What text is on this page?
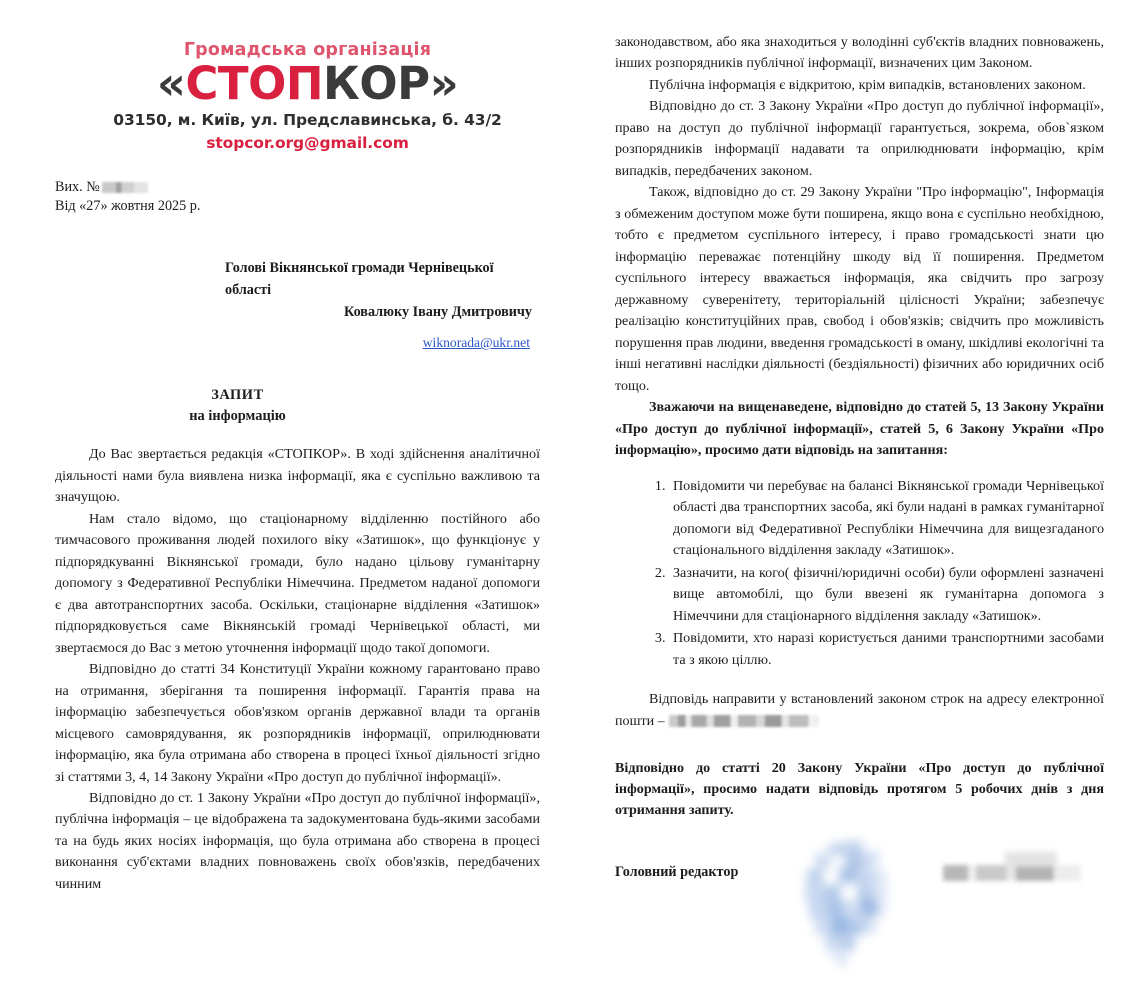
Громадська організація
«СТОПКОР»
03150, м. Київ, ул. Предславинська, б. 43/2
stopcor.org@gmail.com
Вих. №
Від «27» жовтня 2025 р.
Голові Вікнянської громади Чернівецької області
Ковалюку Івану Дмитровичу
wiknorada@ukr.net
ЗАПИТ
на інформацію

До Вас звертається редакція «СТОПКОР». В ході здійснення аналітичної діяльності нами була виявлена низка інформації, яка є суспільно важливою та значущою.

Нам стало відомо, що стаціонарному відділенню постійного або тимчасового проживання людей похилого віку «Затишок», що функціонує у підпорядкуванні Вікнянської громади, було надано цільову гуманітарну допомогу з Федеративної Республіки Німеччина. Предметом наданої допомоги є два автотранспортних засоба. Оскільки, стаціонарне відділення «Затишок» підпорядковується саме Вікнянській громаді Чернівецької області, ми звертаємося до Вас з метою уточнення інформації щодо такої допомоги.

Відповідно до статті 34 Конституції України кожному гарантовано право на отримання, зберігання та поширення інформації. Гарантія права на інформацію забезпечується обов'язком органів державної влади та органів місцевого самоврядування, як розпорядників інформації, оприлюднювати інформацію, яка була отримана або створена в процесі їхньої діяльності згідно зі статтями 3, 4, 14 Закону України «Про доступ до публічної інформації».

Відповідно до ст. 1 Закону України «Про доступ до публічної інформації», публічна інформація – це відображена та задокументована будь-якими засобами та на будь яких носіях інформація, що була отримана або створена в процесі виконання суб'єктами владних повноважень своїх обов'язків, передбачених чинним

законодавством, або яка знаходиться у володінні суб'єктів владних повноважень, інших розпорядників публічної інформації, визначених цим Законом.

Публічна інформація є відкритою, крім випадків, встановлених законом.

Відповідно до ст. 3 Закону України «Про доступ до публічної інформації», право на доступ до публічної інформації гарантується, зокрема, обов`язком розпорядників інформації надавати та оприлюднювати інформацію, крім випадків, передбачених законом.

Також, відповідно до ст. 29 Закону України "Про інформацію", Інформація з обмеженим доступом може бути поширена, якщо вона є суспільно необхідною, тобто є предметом суспільного інтересу, і право громадськості знати цю інформацію переважає потенційну шкоду від її поширення. Предметом суспільного інтересу вважається інформація, яка свідчить про загрозу державному суверенітету, територіальній цілісності України; забезпечує реалізацію конституційних прав, свобод і обов'язків; свідчить про можливість порушення прав людини, введення громадськості в оману, шкідливі екологічні та інші негативні наслідки діяльності (бездіяльності) фізичних або юридичних осіб тощо.

Зважаючи на вищенаведене, відповідно до статей 5, 13 Закону України «Про доступ до публічної інформації», статей 5, 6 Закону України «Про інформацію», просимо дати відповідь на запитання:

1. Повідомити чи перебуває на балансі Вікнянської громади Чернівецької області два транспортних засоба, які були надані в рамках гуманітарної допомоги від Федеративної Республіки Німеччина для вищезгаданого стаціонального відділення закладу «Затишок».
2. Зазначити, на кого( фізичні/юридичні особи) були оформлені зазначені вище автомобілі, що були ввезені як гуманітарна допомога з Німеччини для стаціонарного відділення закладу «Затишок».
3. Повідомити, хто наразі користується даними транспортними засобами та з якою ціллю.

Відповідь направити у встановлений законом строк на адресу електронної пошти –

Відповідно до статті 20 Закону України «Про доступ до публічної інформації», просимо надати відповідь протягом 5 робочих днів з дня отримання запиту.
Головний редактор
